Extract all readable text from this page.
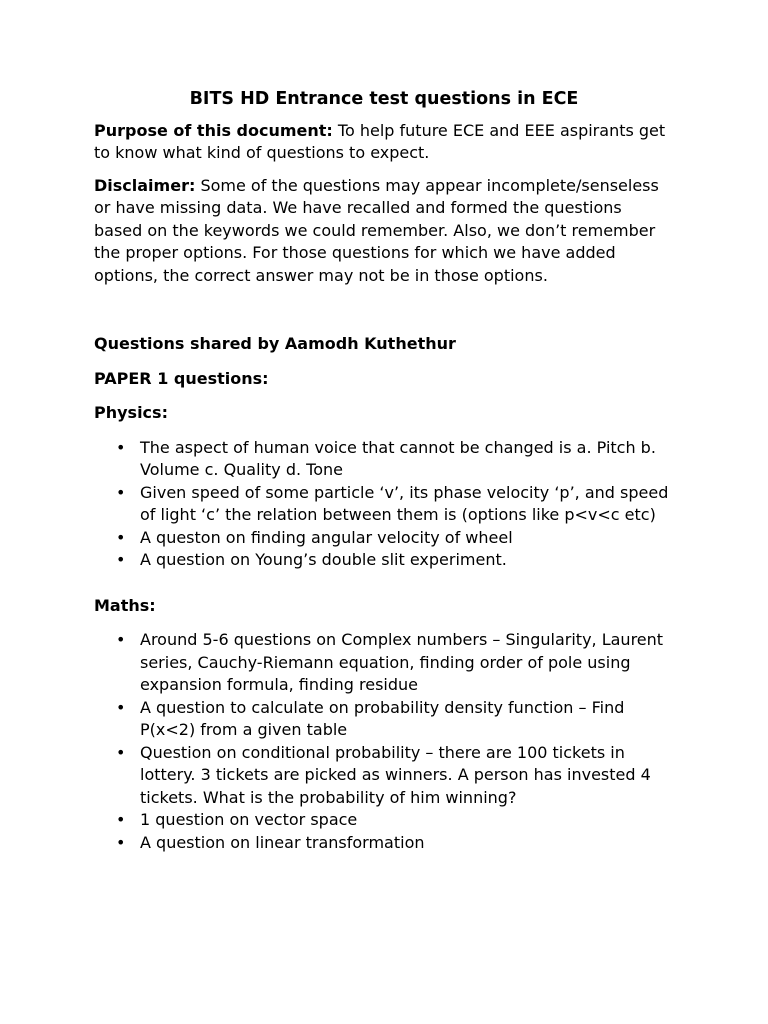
BITS HD Entrance test questions in ECE

Purpose of this document: To help future ECE and EEE aspirants get to know what kind of questions to expect.

Disclaimer: Some of the questions may appear incomplete/senseless or have missing data. We have recalled and formed the questions based on the keywords we could remember. Also, we don’t remember the proper options. For those questions for which we have added options, the correct answer may not be in those options.

Questions shared by Aamodh Kuthethur
PAPER 1 questions:
Physics:
• The aspect of human voice that cannot be changed is a. Pitch b. Volume c. Quality d. Tone
• Given speed of some particle ‘v’, its phase velocity ‘p’, and speed of light ‘c’ the relation between them is (options like p<v<c etc)
• A queston on finding angular velocity of wheel
• A question on Young’s double slit experiment.
Maths:
• Around 5-6 questions on Complex numbers – Singularity, Laurent series, Cauchy-Riemann equation, finding order of pole using expansion formula, finding residue
• A question to calculate on probability density function – Find P(x<2) from a given table
• Question on conditional probability – there are 100 tickets in lottery. 3 tickets are picked as winners. A person has invested 4 tickets. What is the probability of him winning?
• 1 question on vector space
• A question on linear transformation
